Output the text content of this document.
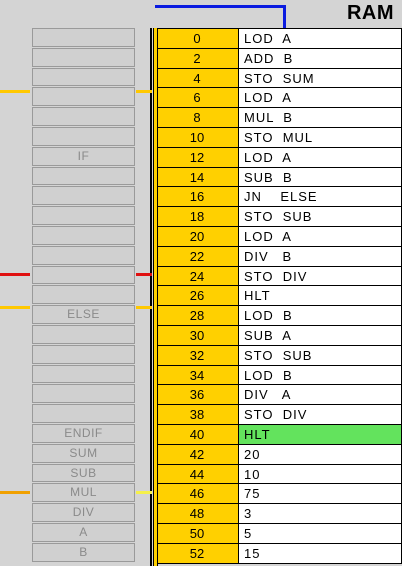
RAM
IF
ELSE
ENDIF
SUM
SUB
MUL
DIV
A
B
0	LOD  A
2	ADD  B
4	STO  SUM
6	LOD  A
8	MUL  B
10	STO  MUL
12	LOD  A
14	SUB  B
16	JN    ELSE
18	STO  SUB
20	LOD  A
22	DIV   B
24	STO  DIV
26	HLT
28	LOD  B
30	SUB  A
32	STO  SUB
34	LOD  B
36	DIV   A
38	STO  DIV
40	HLT
42	20
44	10
46	75
48	3
50	5
52	15
